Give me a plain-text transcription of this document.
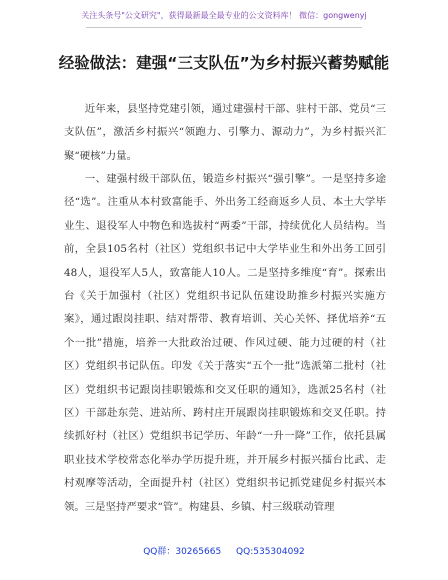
关注头条号"公文研究"，获得最新最全最专业的公文资料库！ 微信：gongwenyj
经验做法：建强“三支队伍”为乡村振兴蓄势赋能
近年来，县坚持党建引领，通过建强村干部、驻村干部、党员“三支队伍”，激活乡村振兴“领跑力、引擎力、源动力”，为乡村振兴汇聚“硬核”力量。
一、建强村级干部队伍，锻造乡村振兴“强引擎”。一是坚持多途径“选”。注重从本村致富能手、外出务工经商返乡人员、本土大学毕业生、退役军人中物色和选拔村“两委”干部，持续优化人员结构。当前，全县105名村（社区）党组织书记中大学毕业生和外出务工回引48人，退役军人5人，致富能人10人。二是坚持多维度“育”。探索出台《关于加强村（社区）党组织书记队伍建设助推乡村振兴实施方案》，通过跟岗挂职、结对帮带、教育培训、关心关怀、择优培养“五个一批”措施，培养一大批政治过硬、作风过硬、能力过硬的村（社区）党组织书记队伍。印发《关于落实“五个一批”选派第二批村（社区）党组织书记跟岗挂职锻炼和交叉任职的通知》，选派25名村（社区）干部赴东莞、进站所、跨村庄开展跟岗挂职锻炼和交叉任职。持续抓好村（社区）党组织书记学历、年龄“一升一降”工作，依托县属职业技术学校常态化举办学历提升班，并开展乡村振兴擂台比武、走村观摩等活动，全面提升村（社区）党组织书记抓党建促乡村振兴本领。三是坚持严要求“管”。构建县、乡镇、村三级联动管理
QQ群：30265665 QQ:535304092
